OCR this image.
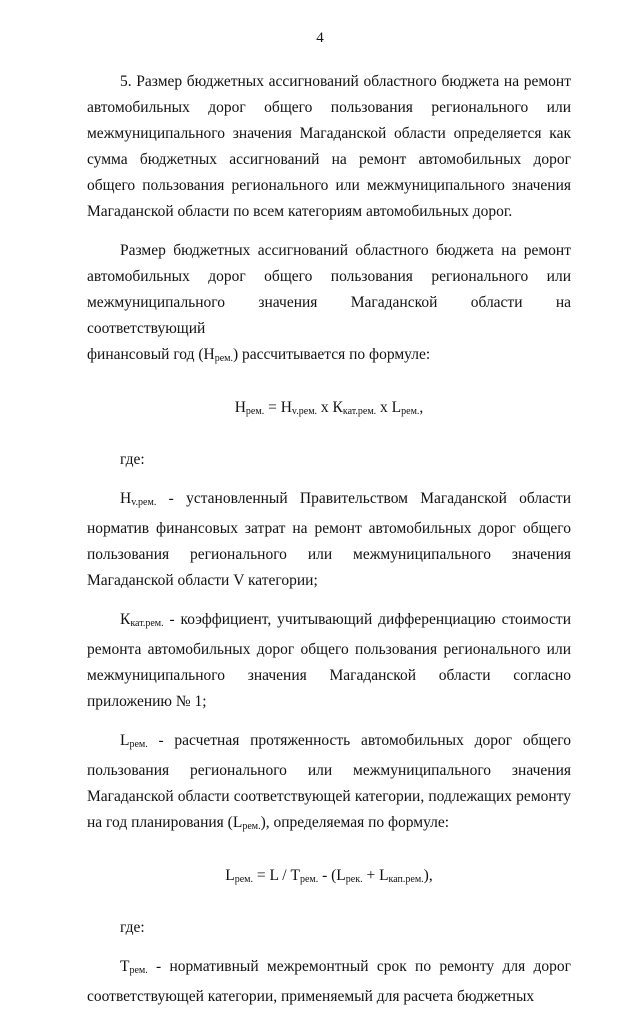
4

5. Размер бюджетных ассигнований областного бюджета на ремонт автомобильных дорог общего пользования регионального или межмуниципального значения Магаданской области определяется как сумма бюджетных ассигнований на ремонт автомобильных дорог общего пользования регионального или межмуниципального значения Магаданской области по всем категориям автомобильных дорог.

Размер бюджетных ассигнований областного бюджета на ремонт автомобильных дорог общего пользования регионального или межмуниципального значения Магаданской области на соответствующий

финансовый год $(Н_{рем.})$ рассчитывается по формуле:

$Н_{рем.} = Н_{v.рем.}$ x $К_{кат.рем.}$ x $L_{рем.}$,

где:

$Н_{v.рем.}$ - установленный Правительством Магаданской области норматив финансовых затрат на ремонт автомобильных дорог общего пользования регионального или межмуниципального значения Магаданской области V категории;

$К_{кат.рем.}$ - коэффициент, учитывающий дифференциацию стоимости ремонта автомобильных дорог общего пользования регионального или межмуниципального значения Магаданской области согласно приложению № 1;

$L_{рем.}$ - расчетная протяженность автомобильных дорог общего пользования регионального или межмуниципального значения Магаданской области соответствующей категории, подлежащих ремонту на год планирования $(L_{рем.})$, определяемая по формуле:

$L_{рем.} = L / Т_{рем.} - (L_{рек.} + L_{кап.рем.})$,

где:

$Т_{рем.}$ - нормативный межремонтный срок по ремонту для дорог соответствующей категории, применяемый для расчета бюджетных
